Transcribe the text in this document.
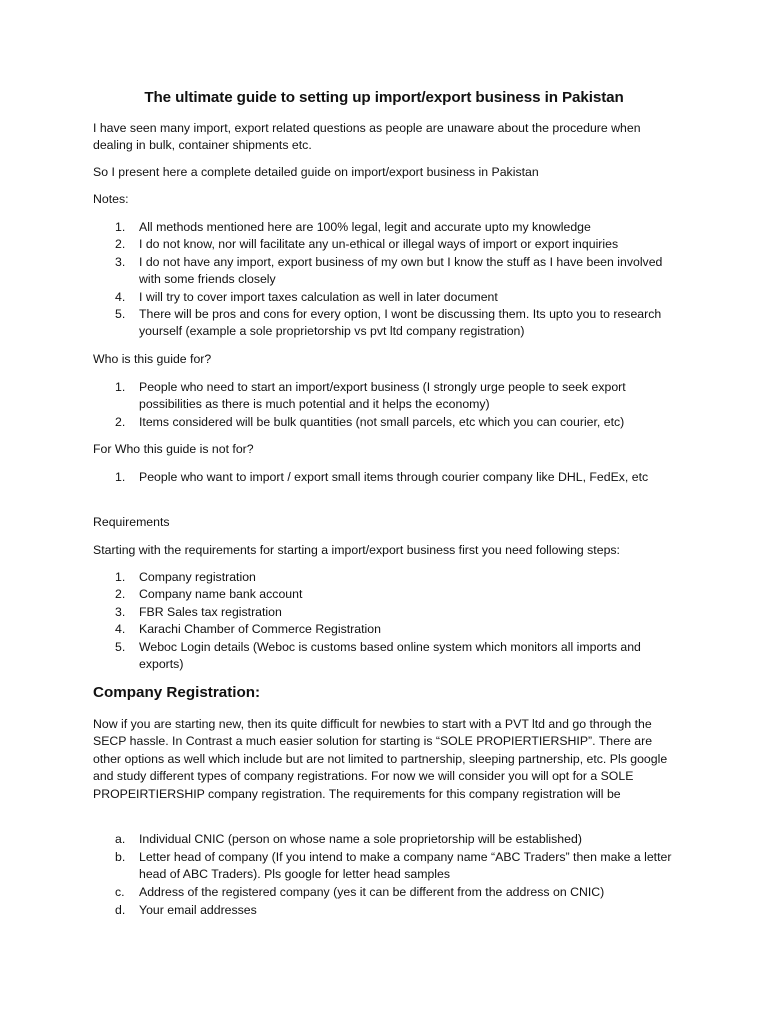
The ultimate guide to setting up import/export business in Pakistan
I have seen many import, export related questions as people are unaware about the procedure when dealing in bulk, container shipments etc.
So I present here a complete detailed guide on import/export business in Pakistan
Notes:
1. All methods mentioned here are 100% legal, legit and accurate upto my knowledge
2. I do not know, nor will facilitate any un-ethical or illegal ways of import or export inquiries
3. I do not have any import, export business of my own but I know the stuff as I have been involved with some friends closely
4. I will try to cover import taxes calculation as well in later document
5. There will be pros and cons for every option, I wont be discussing them. Its upto you to research yourself (example a sole proprietorship vs pvt ltd company registration)
Who is this guide for?
1. People who need to start an import/export business (I strongly urge people to seek export possibilities as there is much potential and it helps the economy)
2. Items considered will be bulk quantities (not small parcels, etc which you can courier, etc)
For Who this guide is not for?
1. People who want to import / export small items through courier company like DHL, FedEx, etc
Requirements
Starting with the requirements for starting a import/export business first you need following steps:
1. Company registration
2. Company name bank account
3. FBR Sales tax registration
4. Karachi Chamber of Commerce Registration
5. Weboc Login details (Weboc is customs based online system which monitors all imports and exports)
Company Registration:
Now if you are starting new, then its quite difficult for newbies to start with a PVT ltd and go through the SECP hassle. In Contrast a much easier solution for starting is “SOLE PROPIERTIERSHIP”. There are other options as well which include but are not limited to partnership, sleeping partnership, etc. Pls google and study different types of company registrations. For now we will consider you will opt for a SOLE PROPEIRTIERSHIP company registration. The requirements for this company registration will be
a. Individual CNIC (person on whose name a sole proprietorship will be established)
b. Letter head of company (If you intend to make a company name “ABC Traders” then make a letter head of ABC Traders). Pls google for letter head samples
c. Address of the registered company (yes it can be different from the address on CNIC)
d. Your email addresses
